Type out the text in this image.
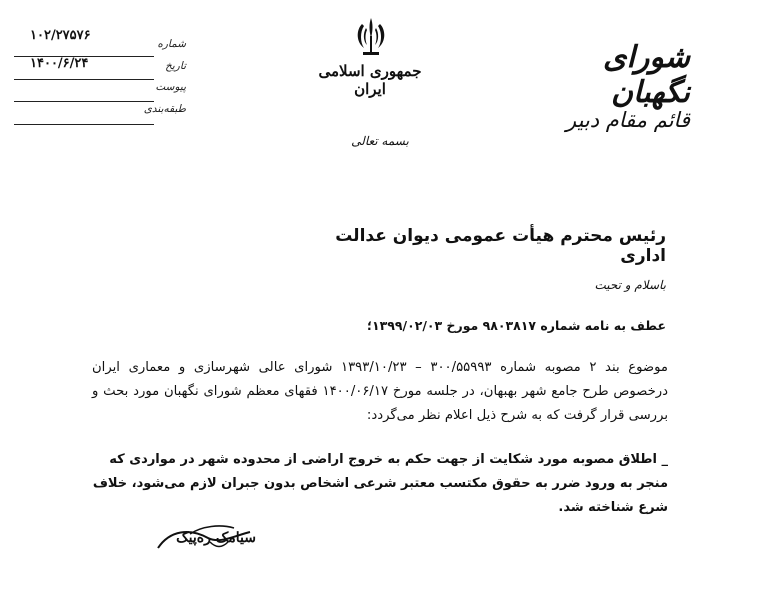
شماره
تاریخ
پیوست
طبقه‌بندی
۱۰۲/۲۷۵۷۶
۱۴۰۰/۶/۲۴	جمهوری اسلامی ایران
بسمه تعالی
شورای نگهبان
قائم مقام دبیر
رئیس محترم هیأت عمومی دیوان عدالت اداری
باسلام و تحیت
عطف به نامه شماره ۹۸۰۳۸۱۷ مورخ ۱۳۹۹/۰۲/۰۳؛
موضوع بند ۲ مصوبه شماره ۳۰۰/۵۵۹۹۳ – ۱۳۹۳/۱۰/۲۳ شورای عالی شهرسازی و معماری ایران درخصوص طرح جامع شهر بهبهان، در جلسه مورخ ۱۴۰۰/۰۶/۱۷ فقهای معظم شورای نگهبان مورد بحث و بررسی قرار گرفت که به شرح ذیل اعلام نظر می‌گردد:
_ اطلاق مصوبه مورد شکایت از جهت حکم به خروج اراضی از محدوده شهر در مواردی که منجر به ورود ضرر به حقوق مکتسب معتبر شرعی اشخاص بدون جبران لازم می‌شود، خلاف شرع شناخته شد.
سیامک ره‌پیک
